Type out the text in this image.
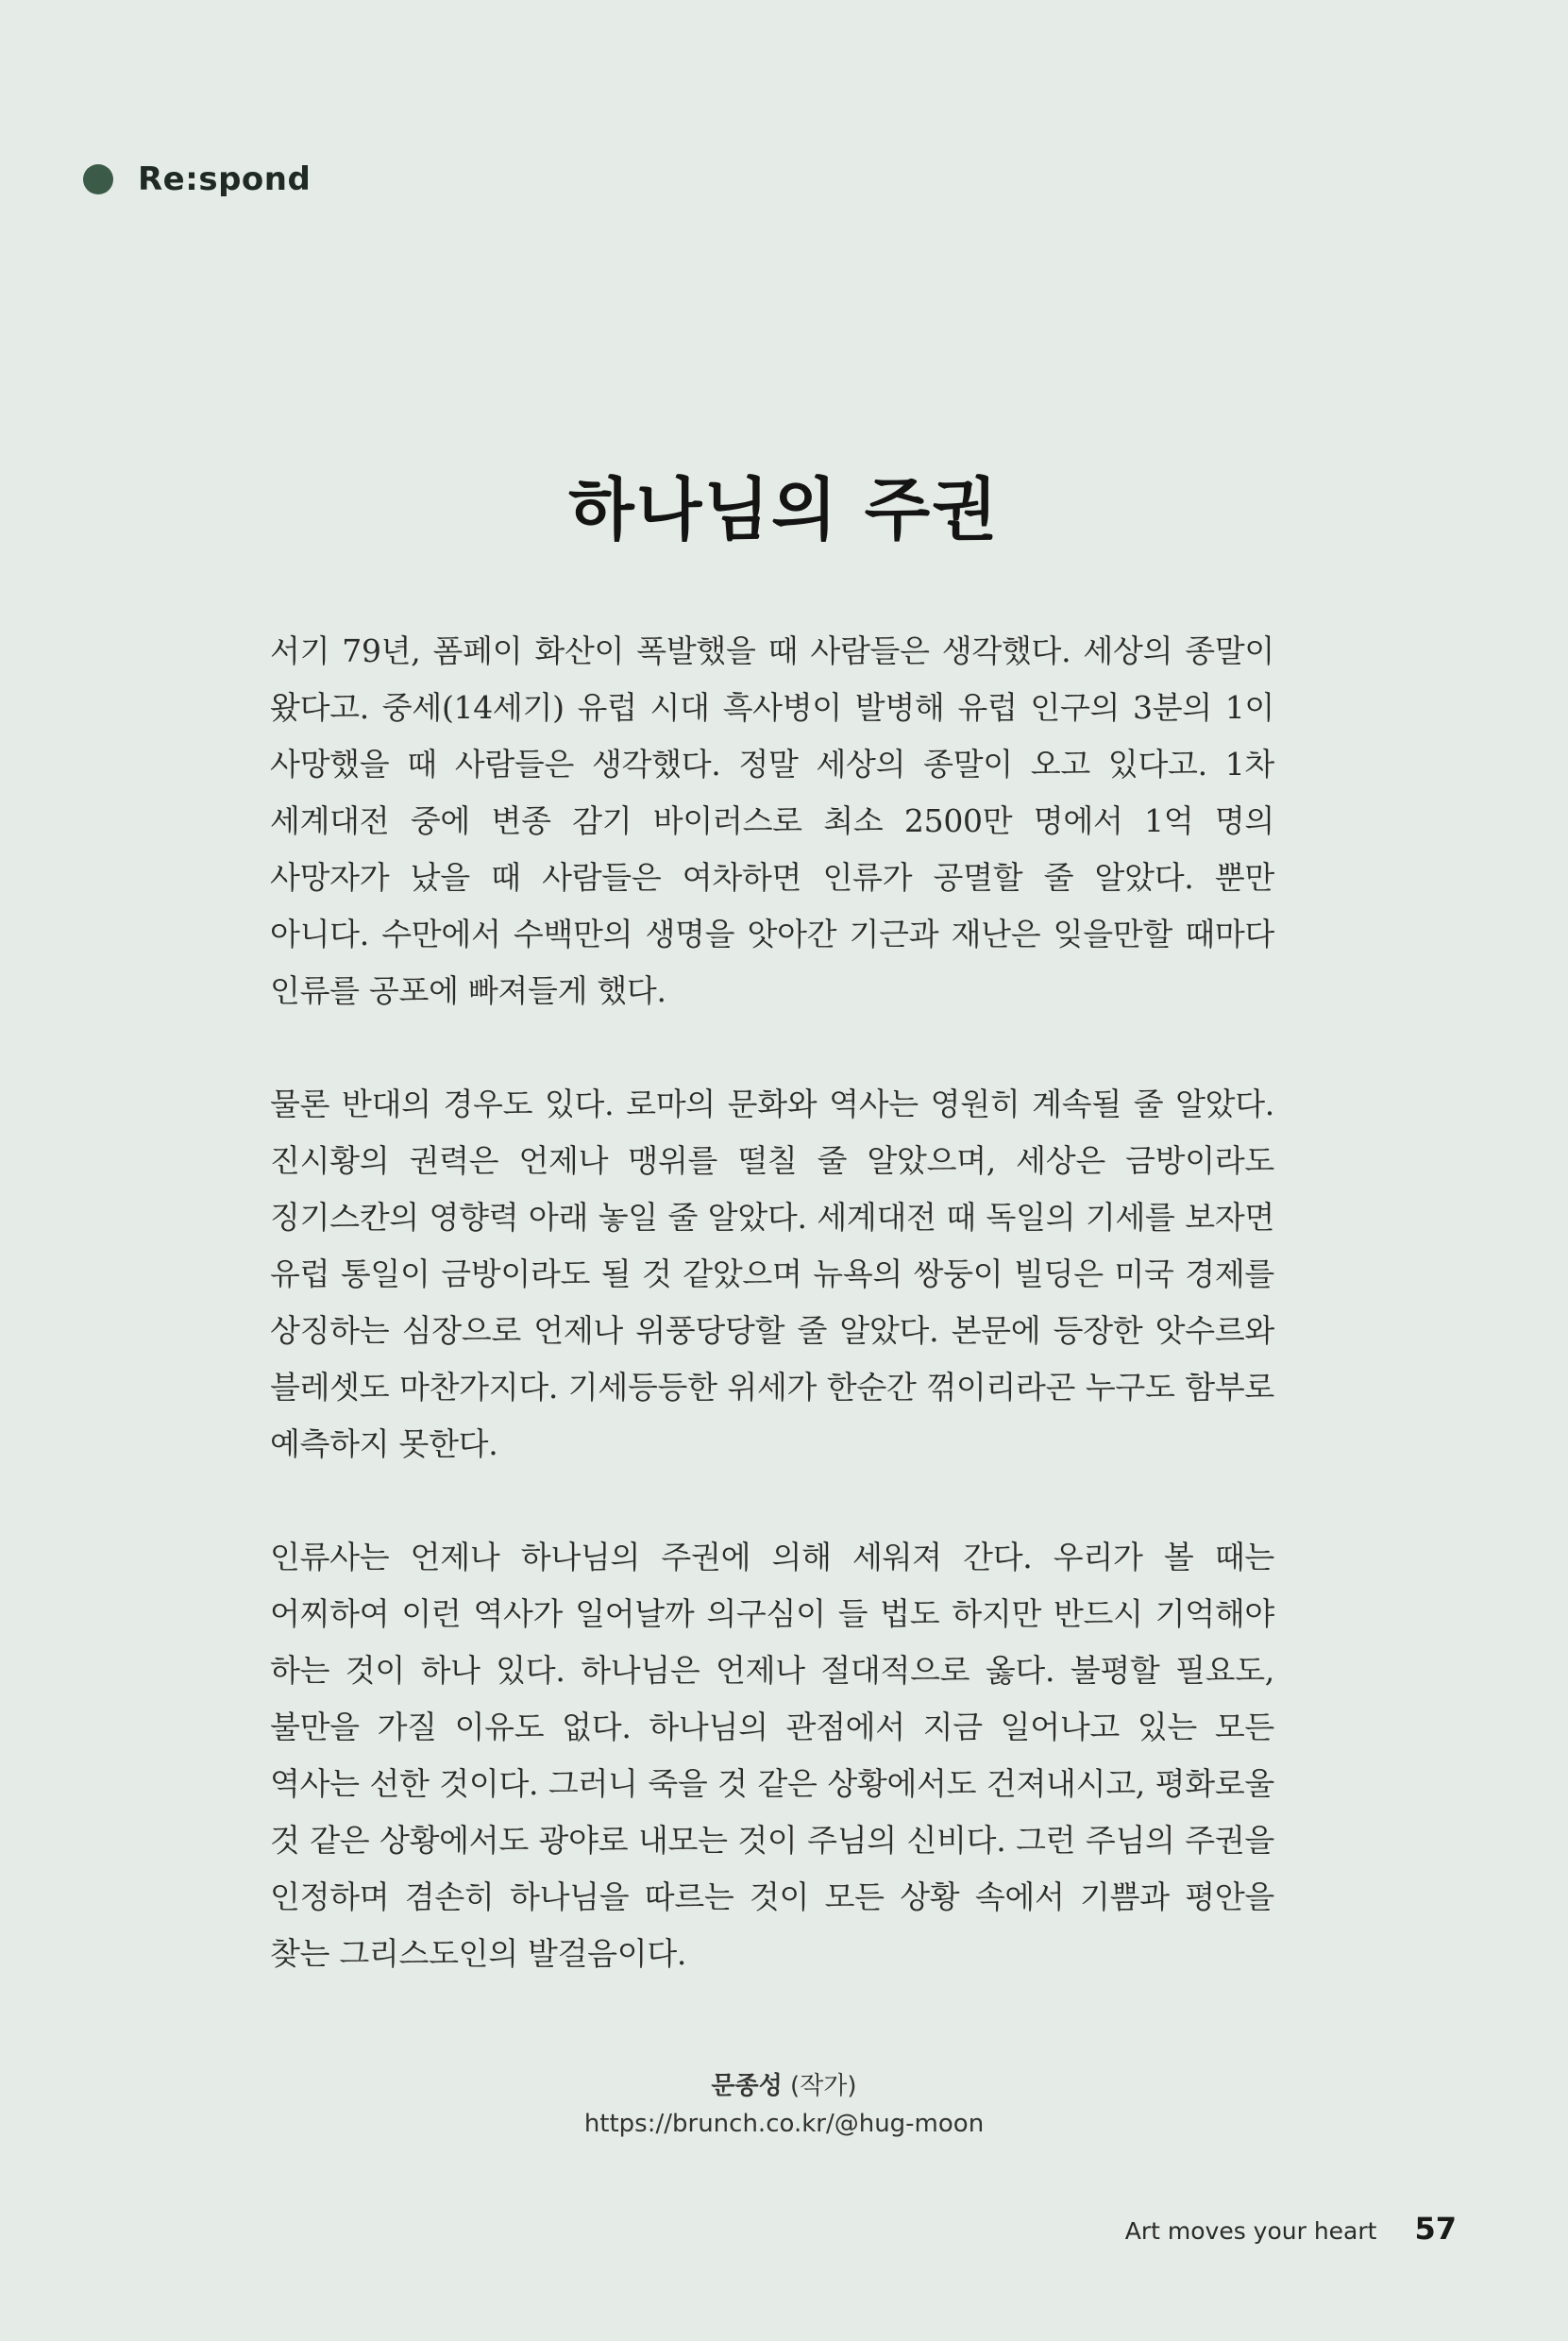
Re:spond
하나님의 주권

서기 79년, 폼페이 화산이 폭발했을 때 사람들은 생각했다. 세상의 종말이 왔다고. 중세(14세기) 유럽 시대 흑사병이 발병해 유럽 인구의 3분의 1이 사망했을 때 사람들은 생각했다. 정말 세상의 종말이 오고 있다고. 1차 세계대전 중에 변종 감기 바이러스로 최소 2500만 명에서 1억 명의 사망자가 났을 때 사람들은 여차하면 인류가 공멸할 줄 알았다. 뿐만 아니다. 수만에서 수백만의 생명을 앗아간 기근과 재난은 잊을만할 때마다 인류를 공포에 빠져들게 했다.

물론 반대의 경우도 있다. 로마의 문화와 역사는 영원히 계속될 줄 알았다. 진시황의 권력은 언제나 맹위를 떨칠 줄 알았으며, 세상은 금방이라도 징기스칸의 영향력 아래 놓일 줄 알았다. 세계대전 때 독일의 기세를 보자면 유럽 통일이 금방이라도 될 것 같았으며 뉴욕의 쌍둥이 빌딩은 미국 경제를 상징하는 심장으로 언제나 위풍당당할 줄 알았다. 본문에 등장한 앗수르와 블레셋도 마찬가지다. 기세등등한 위세가 한순간 꺾이리라곤 누구도 함부로 예측하지 못한다.

인류사는 언제나 하나님의 주권에 의해 세워져 간다. 우리가 볼 때는 어찌하여 이런 역사가 일어날까 의구심이 들 법도 하지만 반드시 기억해야 하는 것이 하나 있다. 하나님은 언제나 절대적으로 옳다. 불평할 필요도, 불만을 가질 이유도 없다. 하나님의 관점에서 지금 일어나고 있는 모든 역사는 선한 것이다. 그러니 죽을 것 같은 상황에서도 건져내시고, 평화로울 것 같은 상황에서도 광야로 내모는 것이 주님의 신비다. 그런 주님의 주권을 인정하며 겸손히 하나님을 따르는 것이 모든 상황 속에서 기쁨과 평안을 찾는 그리스도인의 발걸음이다.

문종성 (작가)
https://brunch.co.kr/@hug-moon
Art moves your heart 57
